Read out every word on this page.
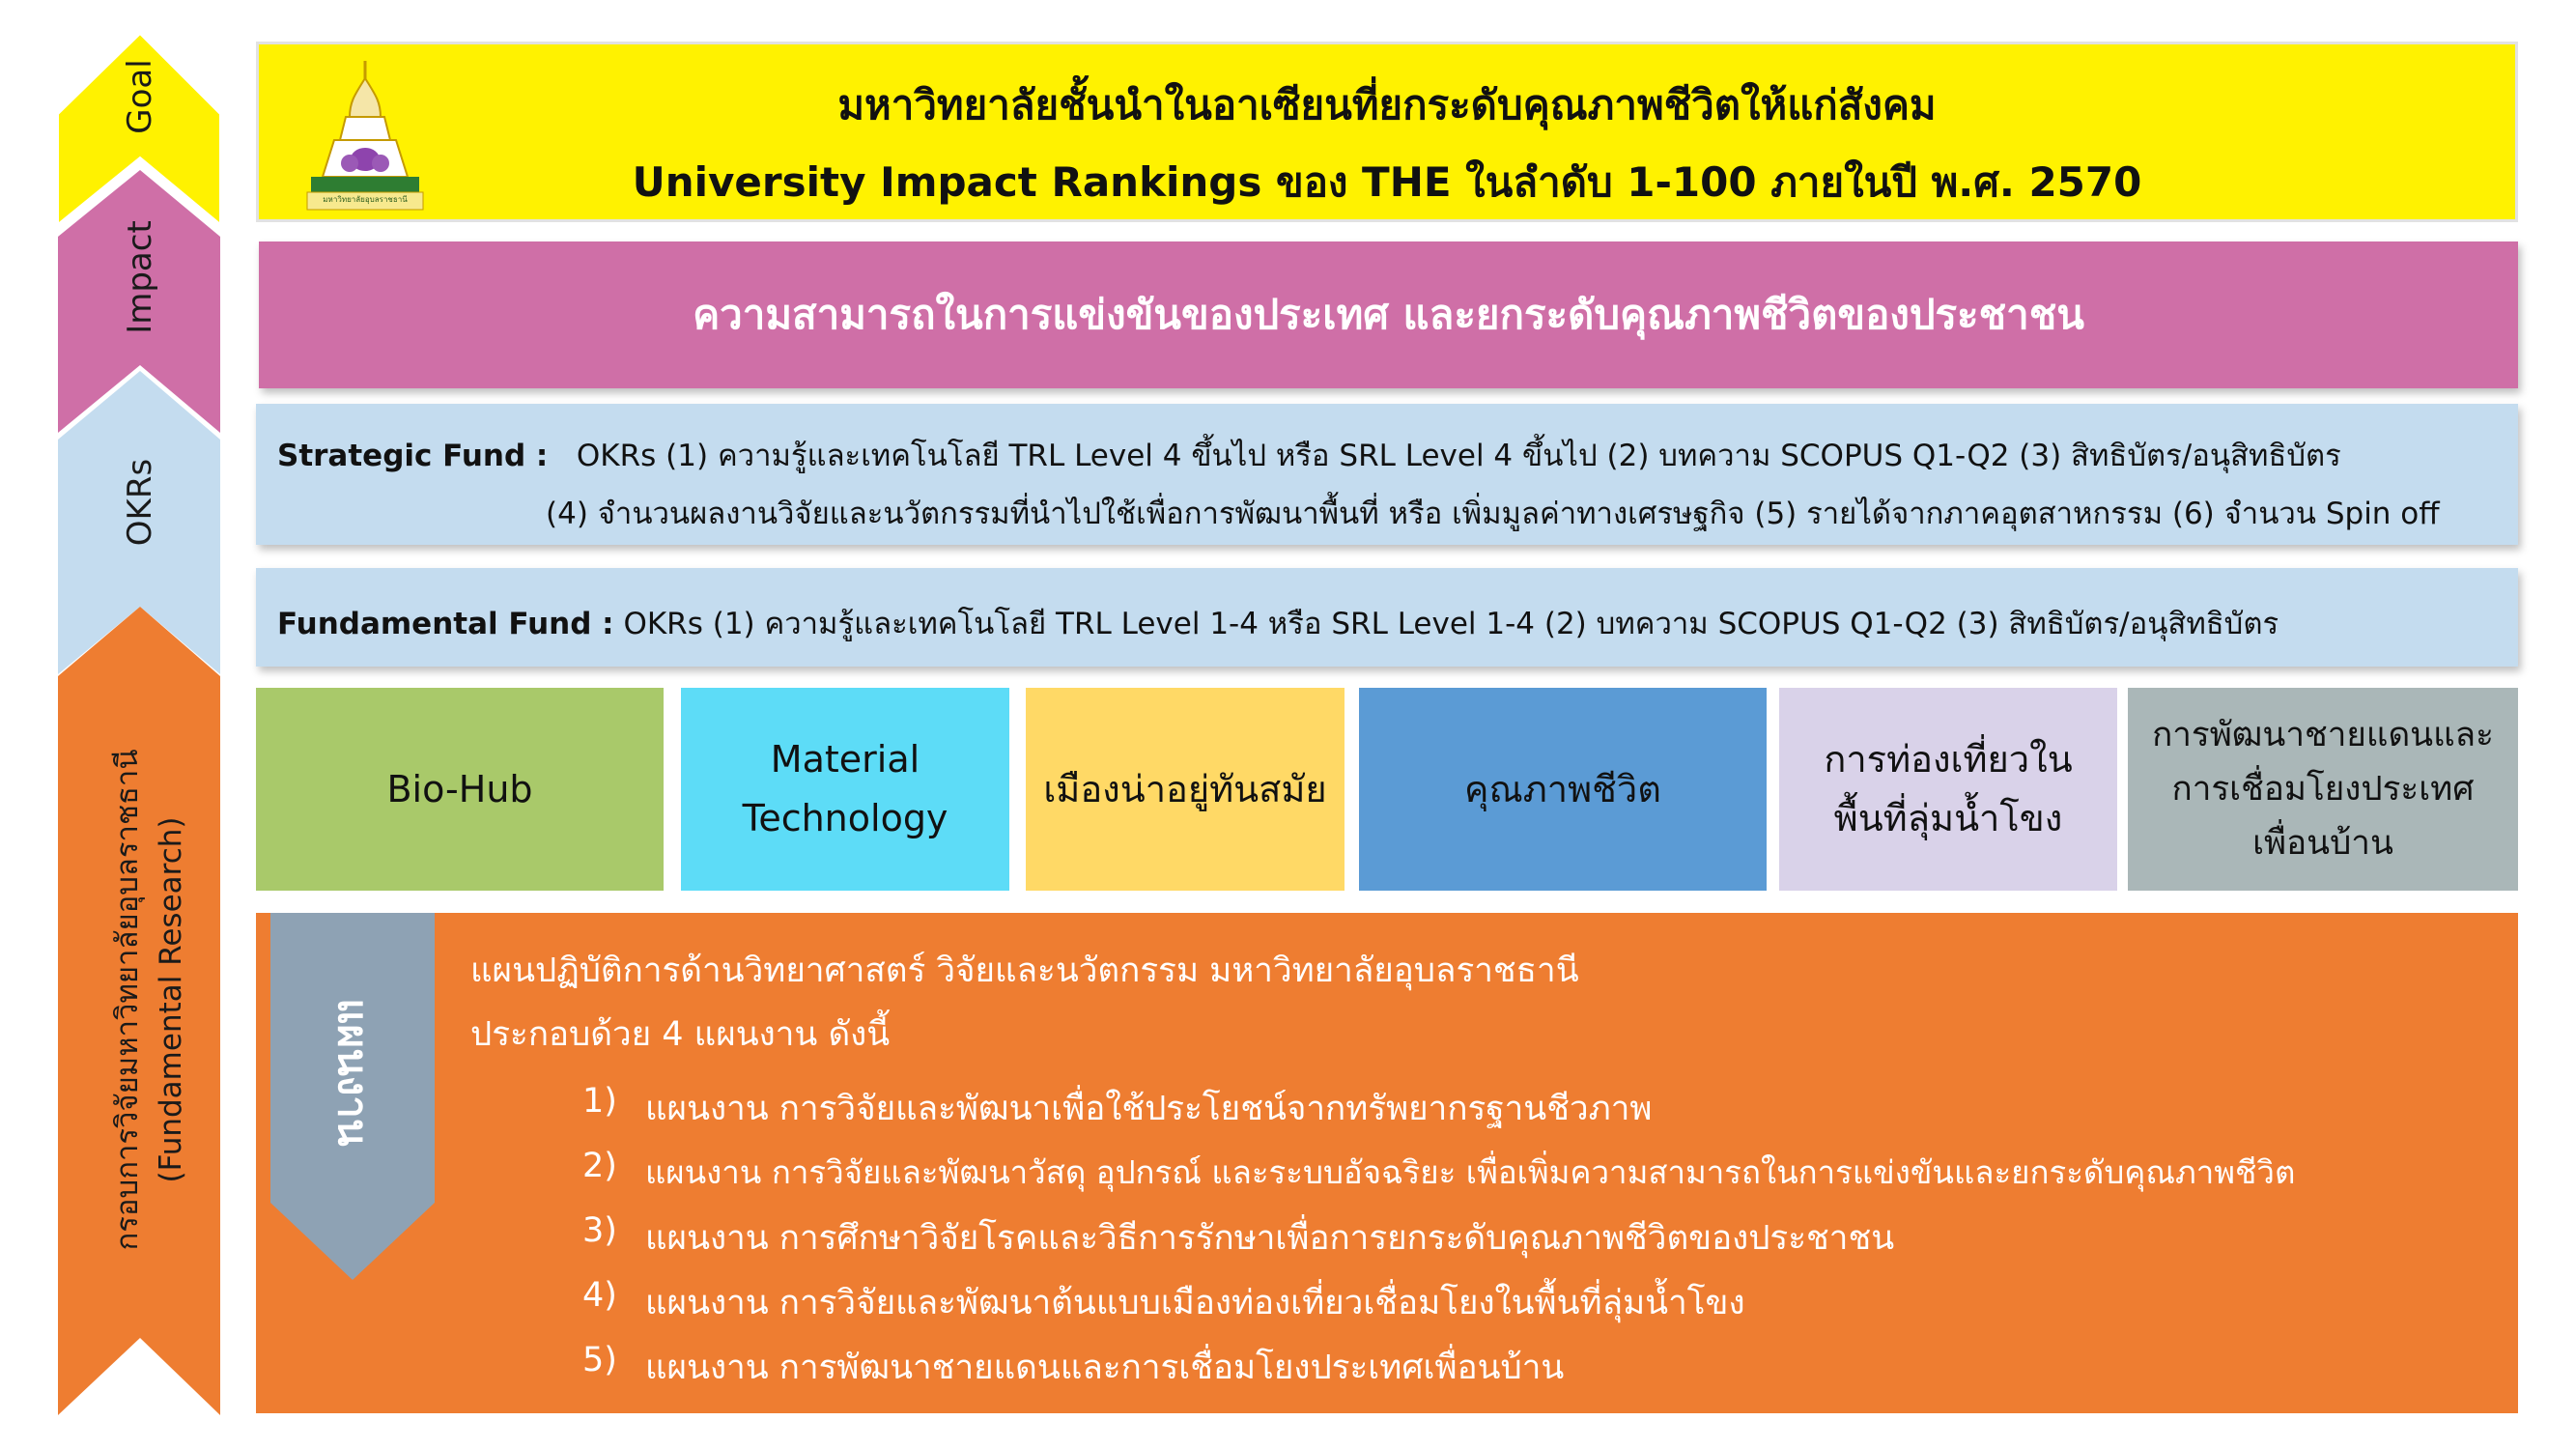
Goal
Impact
OKRs
กรอบการวิจัยมหาวิทยาลัยอุบลราชธานี (Fundamental Research)
มหาวิทยาลัยอุบลราชธานี
มหาวิทยาลัยชั้นนำในอาเซียนที่ยกระดับคุณภาพชีวิตให้แก่สังคม
University Impact Rankings ของ THE ในลำดับ 1-100 ภายในปี พ.ศ. 2570
ความสามารถในการแข่งขันของประเทศ และยกระดับคุณภาพชีวิตของประชาชน
Strategic Fund : OKRs (1) ความรู้และเทคโนโลยี TRL Level 4 ขึ้นไป หรือ SRL Level 4 ขึ้นไป (2) บทความ SCOPUS Q1-Q2 (3) สิทธิบัตร/อนุสิทธิบัตร
(4) จำนวนผลงานวิจัยและนวัตกรรมที่นำไปใช้เพื่อการพัฒนาพื้นที่ หรือ เพิ่มมูลค่าทางเศรษฐกิจ (5) รายได้จากภาคอุตสาหกรรม (6) จำนวน Spin off
Fundamental Fund : OKRs (1) ความรู้และเทคโนโลยี TRL Level 1-4 หรือ SRL Level 1-4 (2) บทความ SCOPUS Q1-Q2 (3) สิทธิบัตร/อนุสิทธิบัตร
Bio-Hub
Material
Technology
เมืองน่าอยู่ทันสมัย	คุณภาพชีวิต
การท่องเที่ยวใน
พื้นที่ลุ่มน้ำโขง
การพัฒนาชายแดนและ
การเชื่อมโยงประเทศ
เพื่อนบ้าน
แผนงาน
แผนปฏิบัติการด้านวิทยาศาสตร์ วิจัยและนวัตกรรม มหาวิทยาลัยอุบลราชธานี
ประกอบด้วย 4 แผนงาน ดังนี้
1) แผนงาน การวิจัยและพัฒนาเพื่อใช้ประโยชน์จากทรัพยากรฐานชีวภาพ
2) แผนงาน การวิจัยและพัฒนาวัสดุ อุปกรณ์ และระบบอัจฉริยะ เพื่อเพิ่มความสามารถในการแข่งขันและยกระดับคุณภาพชีวิต
3) แผนงาน การศึกษาวิจัยโรคและวิธีการรักษาเพื่อการยกระดับคุณภาพชีวิตของประชาชน
4) แผนงาน การวิจัยและพัฒนาต้นแบบเมืองท่องเที่ยวเชื่อมโยงในพื้นที่ลุ่มน้ำโขง
5) แผนงาน การพัฒนาชายแดนและการเชื่อมโยงประเทศเพื่อนบ้าน
